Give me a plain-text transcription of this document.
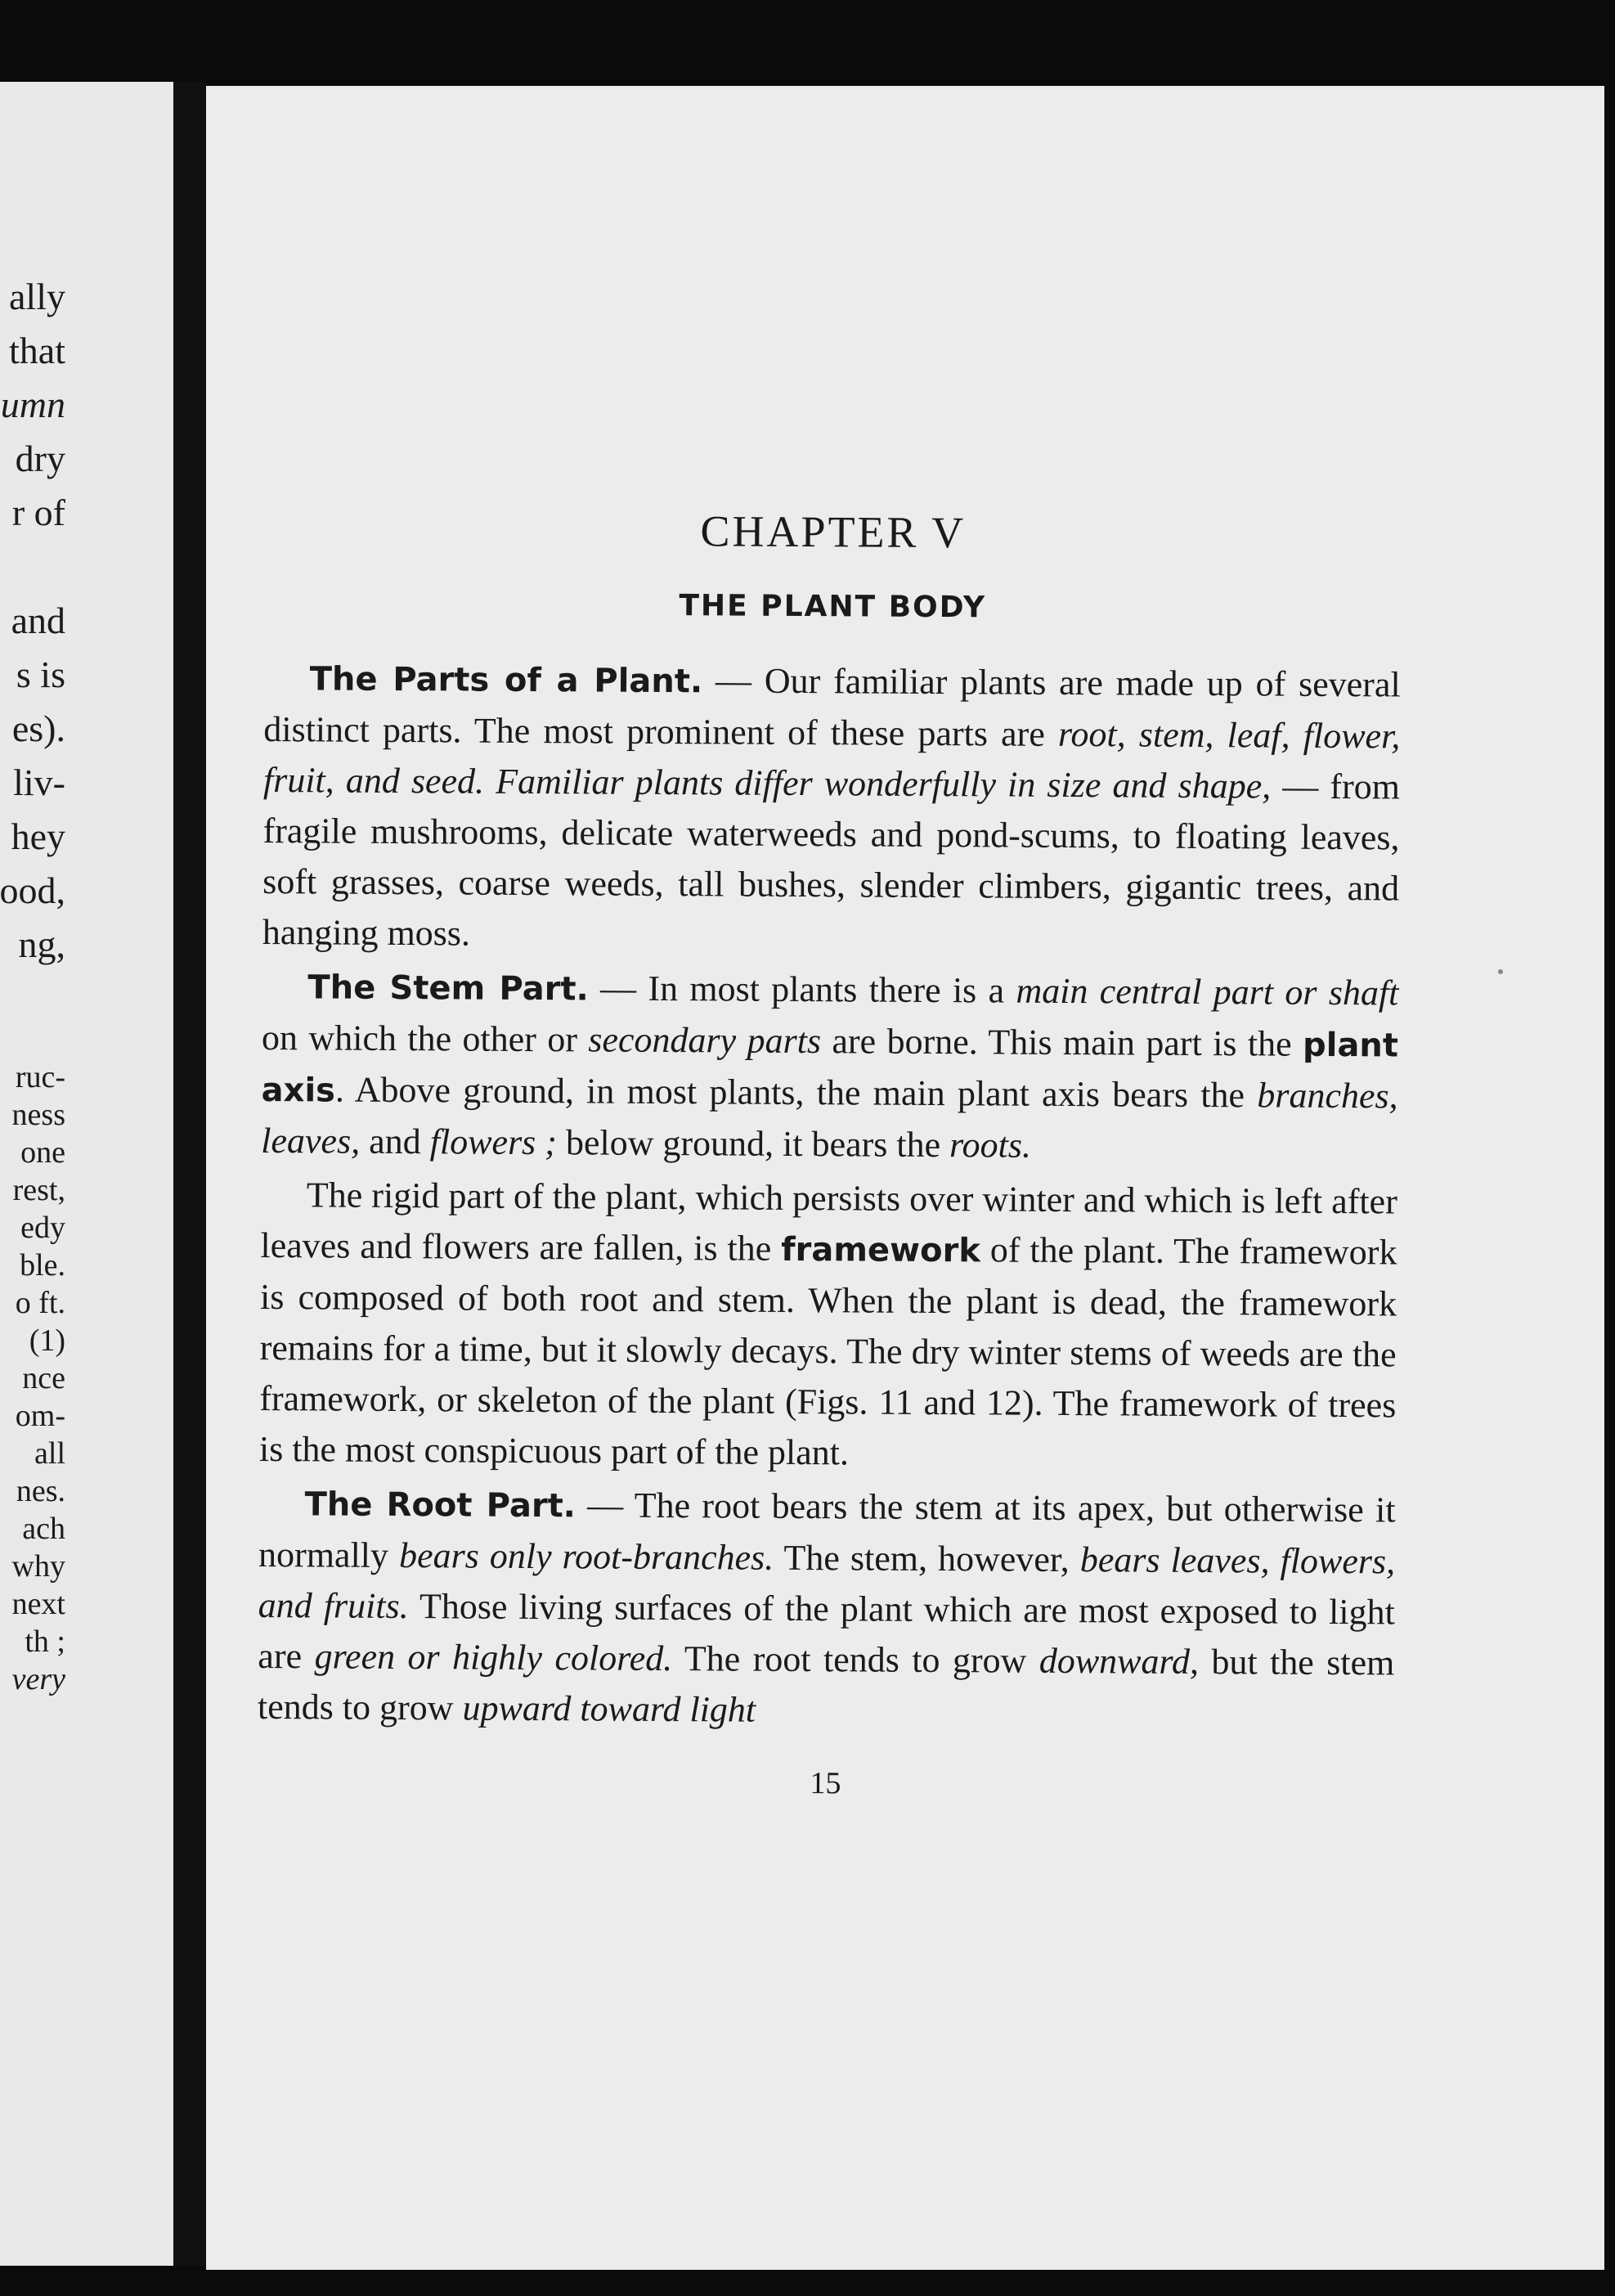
ally
that
umn
dry
r of
and
s is
es).
liv-
hey
ood,
ng,
ruc-
ness
one
rest,
edy
ble.
o ft.
(1)
nce
om-
all
nes.
ach
why
next
th ;
very
CHAPTER V
THE PLANT BODY

The Parts of a Plant. — Our familiar plants are made up of several distinct parts. The most prominent of these parts are root, stem, leaf, flower, fruit, and seed. Familiar plants differ wonderfully in size and shape, — from fragile mushrooms, delicate waterweeds and pond-scums, to floating leaves, soft grasses, coarse weeds, tall bushes, slender climbers, gigantic trees, and hanging moss.

The Stem Part. — In most plants there is a main central part or shaft on which the other or secondary parts are borne. This main part is the plant axis. Above ground, in most plants, the main plant axis bears the branches, leaves, and flowers ; below ground, it bears the roots.

The rigid part of the plant, which persists over winter and which is left after leaves and flowers are fallen, is the framework of the plant. The framework is composed of both root and stem. When the plant is dead, the framework remains for a time, but it slowly decays. The dry winter stems of weeds are the framework, or skeleton of the plant (Figs. 11 and 12). The framework of trees is the most conspicuous part of the plant.

The Root Part. — The root bears the stem at its apex, but otherwise it normally bears only root-branches. The stem, however, bears leaves, flowers, and fruits. Those living surfaces of the plant which are most exposed to light are green or highly colored. The root tends to grow downward, but the stem tends to grow upward toward light

15
